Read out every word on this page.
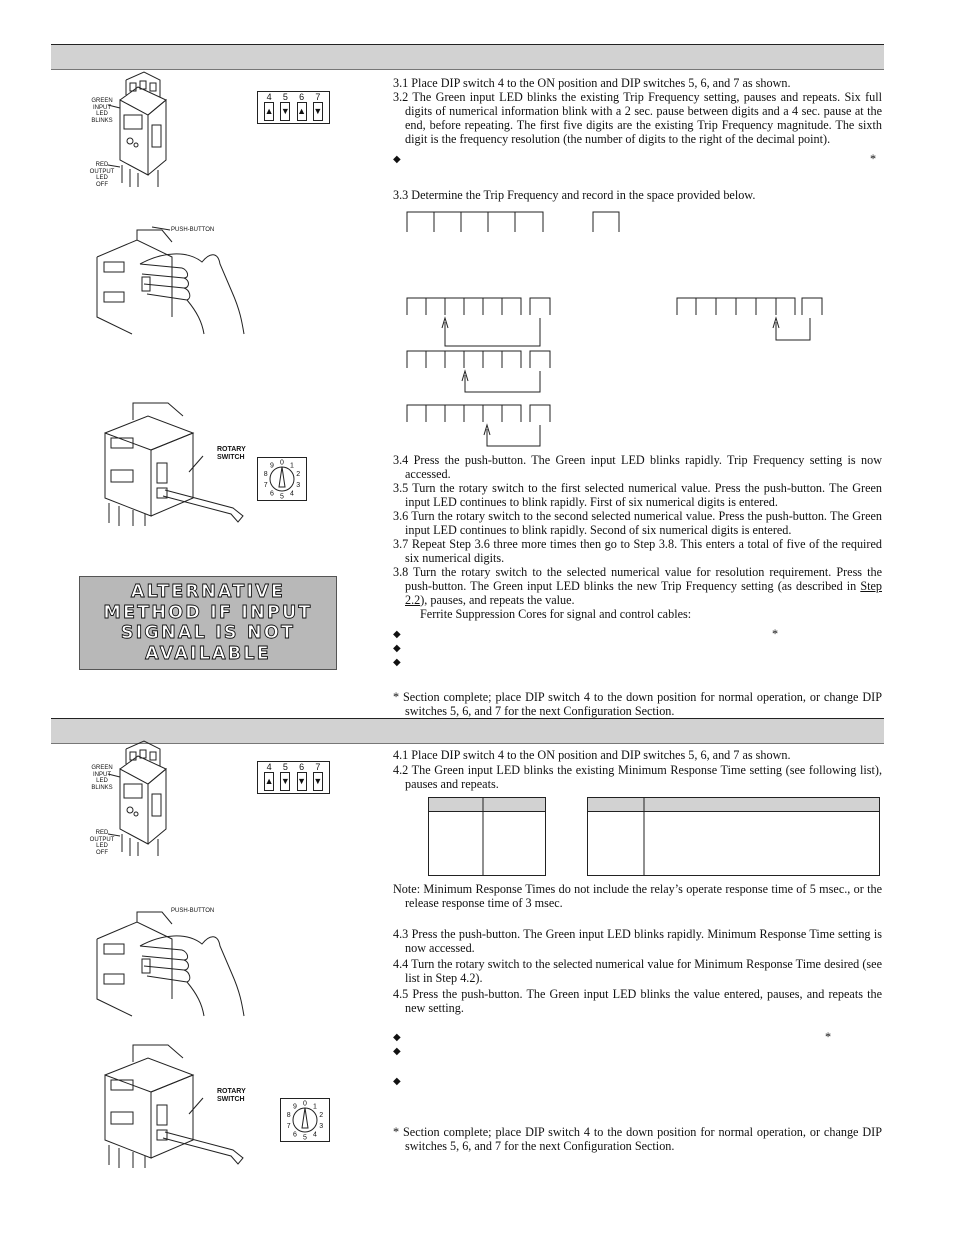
GREEN
INPUT
LED
BLINKS
RED
OUTPUT
LED
OFF
4
▲
5
▼
6
▲
7
▼
PUSH-BUTTON
ROTARY
SWITCH
0 1
2
3
4
5
6
7
8
9
ALTERNATIVE METHOD IF INPUT SIGNAL IS NOT AVAILABLE
3.1 Place DIP switch 4 to the ON position and DIP switches 5, 6, and 7 as shown.
3.2 The Green input LED blinks the existing Trip Frequency setting, pauses and repeats. Six full digits of numerical information blink with a 2 sec. pause between digits and a 4 sec. pause at the end, before repeating. The first five digits are the existing Trip Frequency magnitude. The sixth digit is the frequency resolution (the number of digits to the right of the decimal point).
◆	*
3.3 Determine the Trip Frequency and record in the space provided below.
3.4 Press the push-button. The Green input LED blinks rapidly. Trip Frequency setting is now accessed.
3.5 Turn the rotary switch to the first selected numerical value. Press the push-button. The Green input LED continues to blink rapidly. First of six numerical digits is entered.
3.6 Turn the rotary switch to the second selected numerical value. Press the push-button. The Green input LED continues to blink rapidly. Second of six numerical digits is entered.
3.7 Repeat Step 3.6 three more times then go to Step 3.8. This enters a total of five of the required six numerical digits.
3.8 Turn the rotary switch to the selected numerical value for resolution requirement. Press the push-button. The Green input LED blinks the new Trip Frequency setting (as described in Step 2.2), pauses, and repeats the value.
Ferrite Suppression Cores for signal and control cables:
◆	*
◆
◆
* Section complete; place DIP switch 4 to the down position for normal operation, or change DIP switches 5, 6, and 7 for the next Configuration Section.
GREEN
INPUT
LED
BLINKS
RED
OUTPUT
LED
OFF
4
▲
5
▼
6
▼
7
▼
PUSH-BUTTON
ROTARY
SWITCH
0 1
2
3
4
5
6
7
8
9
4.1 Place DIP switch 4 to the ON position and DIP switches 5, 6, and 7 as shown.
4.2 The Green input LED blinks the existing Minimum Response Time setting (see following list), pauses and repeats.
Note: Minimum Response Times do not include the relay’s operate response time of 5 msec., or the release response time of 3 msec.
4.3 Press the push-button. The Green input LED blinks rapidly. Minimum Response Time setting is now accessed.
4.4 Turn the rotary switch to the selected numerical value for Minimum Response Time desired (see list in Step 4.2).
4.5 Press the push-button. The Green input LED blinks the value entered, pauses, and repeats the new setting.
◆	*
◆
◆
* Section complete; place DIP switch 4 to the down position for normal operation, or change DIP switches 5, 6, and 7 for the next Configuration Section.
